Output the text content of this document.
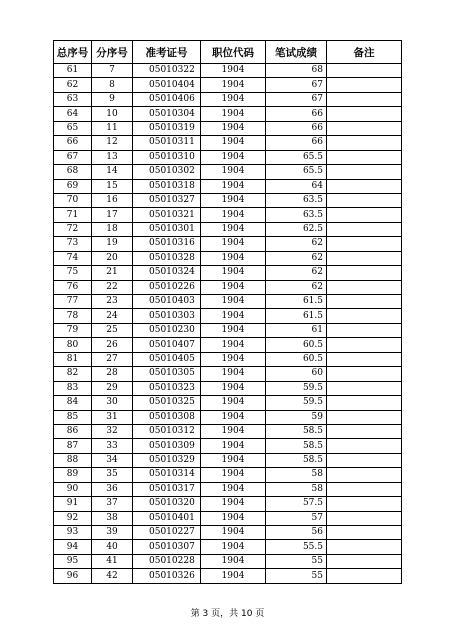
总序号	分序号	准考证号	职位代码	笔试成绩	备注
61	7	05010322	1904	68	
62	8	05010404	1904	67	
63	9	05010406	1904	67	
64	10	05010304	1904	66	
65	11	05010319	1904	66	
66	12	05010311	1904	66	
67	13	05010310	1904	65.5	
68	14	05010302	1904	65.5	
69	15	05010318	1904	64	
70	16	05010327	1904	63.5	
71	17	05010321	1904	63.5	
72	18	05010301	1904	62.5	
73	19	05010316	1904	62	
74	20	05010328	1904	62	
75	21	05010324	1904	62	
76	22	05010226	1904	62	
77	23	05010403	1904	61.5	
78	24	05010303	1904	61.5	
79	25	05010230	1904	61	
80	26	05010407	1904	60.5	
81	27	05010405	1904	60.5	
82	28	05010305	1904	60	
83	29	05010323	1904	59.5	
84	30	05010325	1904	59.5	
85	31	05010308	1904	59	
86	32	05010312	1904	58.5	
87	33	05010309	1904	58.5	
88	34	05010329	1904	58.5	
89	35	05010314	1904	58	
90	36	05010317	1904	58	
91	37	05010320	1904	57.5	
92	38	05010401	1904	57	
93	39	05010227	1904	56	
94	40	05010307	1904	55.5	
95	41	05010228	1904	55	
96	42	05010326	1904	55	
第 3 页，共 10 页
